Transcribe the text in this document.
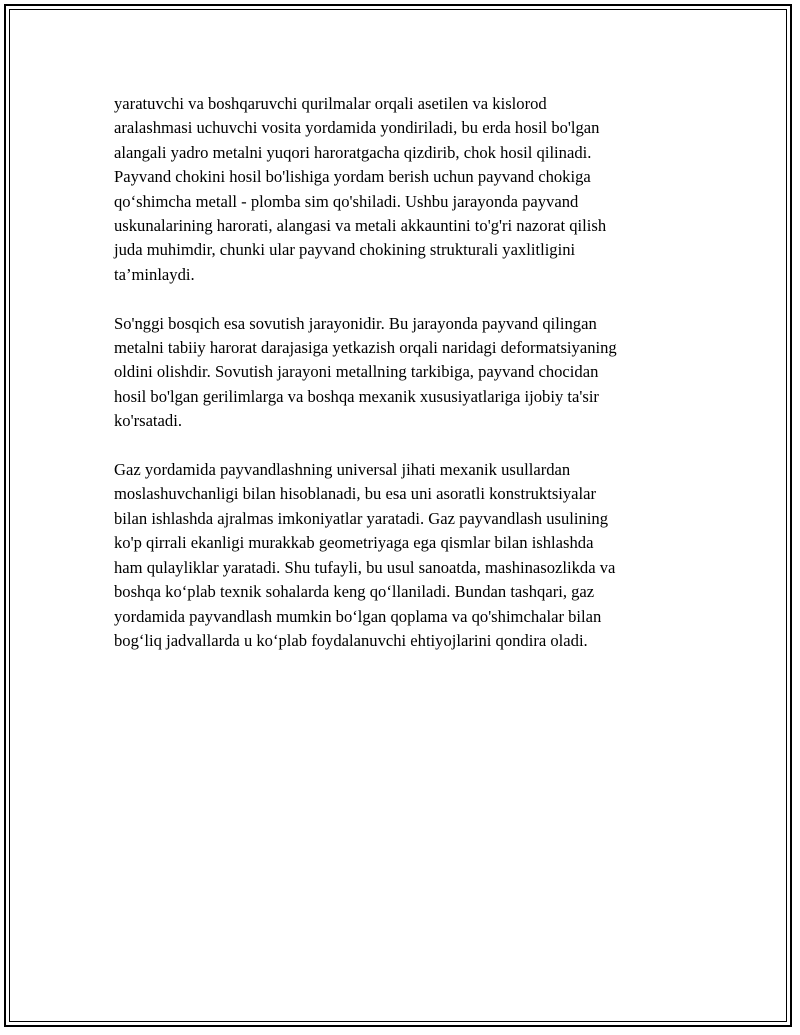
yaratuvchi va boshqaruvchi qurilmalar orqali asetilen va kislorod
aralashmasi uchuvchi vosita yordamida yondiriladi, bu erda hosil bo'lgan
alangali yadro metalni yuqori haroratgacha qizdirib, chok hosil qilinadi.
Payvand chokini hosil bo'lishiga yordam berish uchun payvand chokiga
qo‘shimcha metall - plomba sim qo'shiladi. Ushbu jarayonda payvand
uskunalarining harorati, alangasi va metali akkauntini to'g'ri nazorat qilish
juda muhimdir, chunki ular payvand chokining strukturali yaxlitligini
ta’minlaydi.

So'nggi bosqich esa sovutish jarayonidir. Bu jarayonda payvand qilingan
metalni tabiiy harorat darajasiga yetkazish orqali naridagi deformatsiyaning
oldini olishdir. Sovutish jarayoni metallning tarkibiga, payvand chocidan
hosil bo'lgan gerilimlarga va boshqa mexanik xususiyatlariga ijobiy ta'sir
ko'rsatadi.

Gaz yordamida payvandlashning universal jihati mexanik usullardan
moslashuvchanligi bilan hisoblanadi, bu esa uni asoratli konstruktsiyalar
bilan ishlashda ajralmas imkoniyatlar yaratadi. Gaz payvandlash usulining
ko'p qirrali ekanligi murakkab geometriyaga ega qismlar bilan ishlashda
ham qulayliklar yaratadi. Shu tufayli, bu usul sanoatda, mashinasozlikda va
boshqa ko‘plab texnik sohalarda keng qo‘llaniladi. Bundan tashqari, gaz
yordamida payvandlash mumkin bo‘lgan qoplama va qo'shimchalar bilan
bog‘liq jadvallarda u ko‘plab foydalanuvchi ehtiyojlarini qondira oladi.
